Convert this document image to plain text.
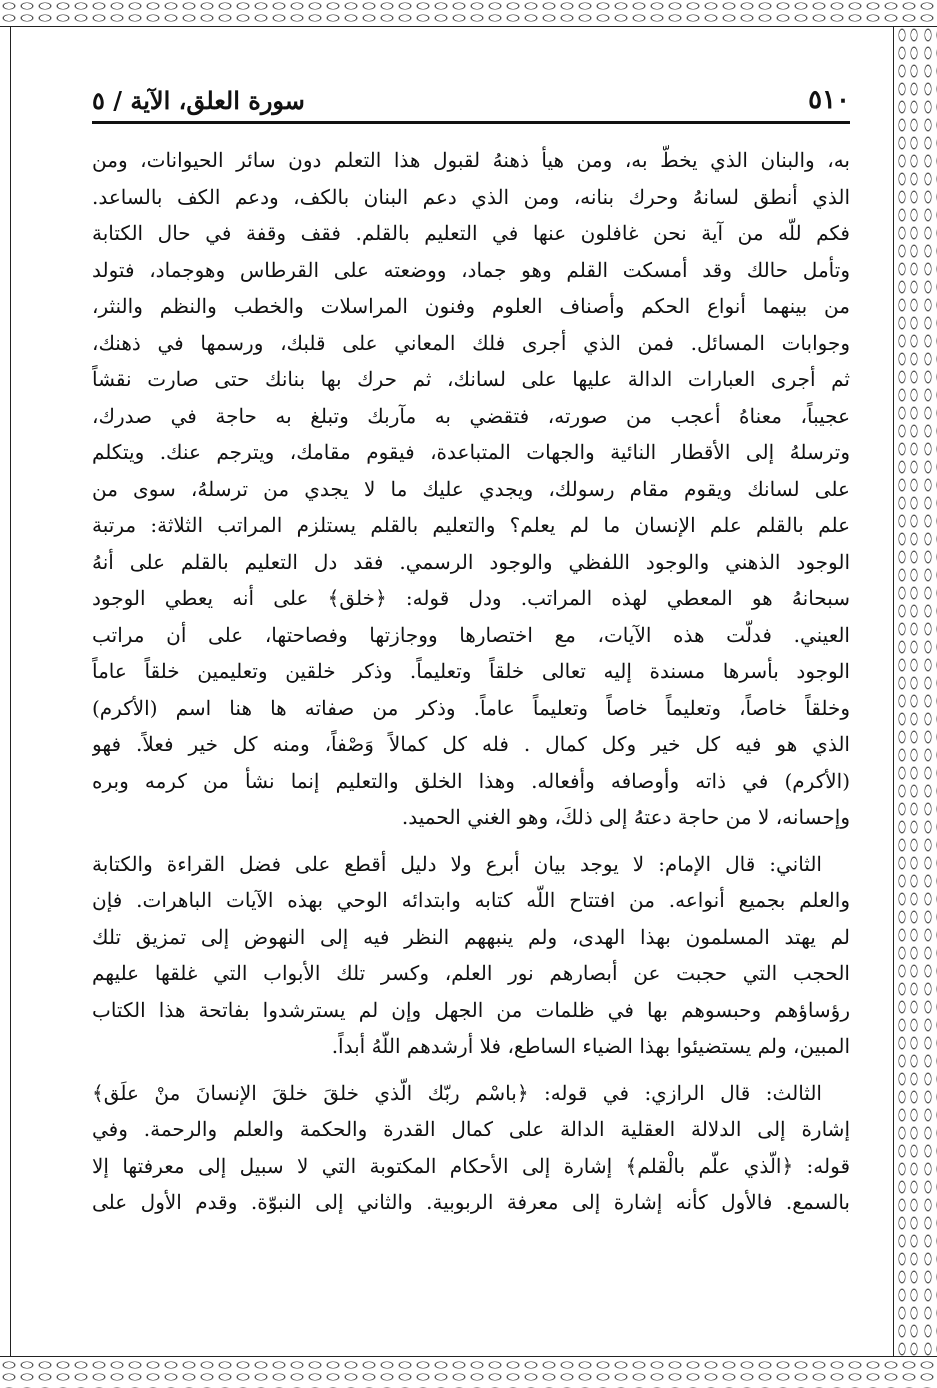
٥١٠
سورة العلق، الآية / ٥

به، والبنان الذي يخطّ به، ومن هيأ ذهنهُ لقبول هذا التعلم دون سائر الحيوانات، ومن

الذي أنطق لسانهُ وحرك بنانه، ومن الذي دعم البنان بالكف، ودعم الكف بالساعد.

فكم للّه من آية نحن غافلون عنها في التعليم بالقلم. فقف وقفة في حال الكتابة

وتأمل حالك وقد أمسكت القلم وهو جماد، ووضعته على القرطاس وهوجماد، فتولد

من بينهما أنواع الحكم وأصناف العلوم وفنون المراسلات والخطب والنظم والنثر،

وجوابات المسائل. فمن الذي أجرى فلك المعاني على قلبك، ورسمها في ذهنك،

ثم أجرى العبارات الدالة عليها على لسانك، ثم حرك بها بنانك حتى صارت نقشاً

عجيباً، معناهُ أعجب من صورته، فتقضي به مآربك وتبلغ به حاجة في صدرك،

وترسلهُ إلى الأقطار النائية والجهات المتباعدة، فيقوم مقامك، ويترجم عنك. ويتكلم

على لسانك ويقوم مقام رسولك، ويجدي عليك ما لا يجدي من ترسلهُ، سوى من

علم بالقلم علم الإنسان ما لم يعلم؟ والتعليم بالقلم يستلزم المراتب الثلاثة: مرتبة

الوجود الذهني والوجود اللفظي والوجود الرسمي. فقد دل التعليم بالقلم على أنهُ

سبحانهُ هو المعطي لهذه المراتب. ودل قوله: ﴿خلق﴾ على أنه يعطي الوجود

العيني. فدلّت هذه الآيات، مع اختصارها ووجازتها وفصاحتها، على أن مراتب

الوجود بأسرها مسندة إليه تعالى خلقاً وتعليماً. وذكر خلقين وتعليمين خلقاً عاماً

وخلقاً خاصاً، وتعليماً خاصاً وتعليماً عاماً. وذكر من صفاته ها هنا اسم (الأكرم)

الذي هو فيه كل خير وكل كمال . فله كل كمالاً وَصْفاً، ومنه كل خير فعلاً. فهو

(الأكرم) في ذاته وأوصافه وأفعاله. وهذا الخلق والتعليم إنما نشأ من كرمه وبره

وإحسانه، لا من حاجة دعتهُ إلى ذلكَ، وهو الغني الحميد.

الثاني: قال الإمام: لا يوجد بيان أبرع ولا دليل أقطع على فضل القراءة والكتابة

والعلم بجميع أنواعه. من افتتاح اللّه كتابه وابتدائه الوحي بهذه الآيات الباهرات. فإن

لم يهتد المسلمون بهذا الهدى، ولم ينبههم النظر فيه إلى النهوض إلى تمزيق تلك

الحجب التي حجبت عن أبصارهم نور العلم، وكسر تلك الأبواب التي غلقها عليهم

رؤساؤهم وحبسوهم بها في ظلمات من الجهل وإن لم يسترشدوا بفاتحة هذا الكتاب

المبين، ولم يستضيئوا بهذا الضياء الساطع، فلا أرشدهم اللّهُ أبداً.

الثالث: قال الرازي: في قوله: ﴿باسْم ربّك الّذي خلقَ خلقَ الإنسانَ منْ علَق﴾

إشارة إلى الدلالة العقلية الدالة على كمال القدرة والحكمة والعلم والرحمة. وفي

قوله: ﴿الّذي علّم بالْقلم﴾ إشارة إلى الأحكام المكتوبة التي لا سبيل إلى معرفتها إلا

بالسمع. فالأول كأنه إشارة إلى معرفة الربوبية. والثاني إلى النبوّة. وقدم الأول على
